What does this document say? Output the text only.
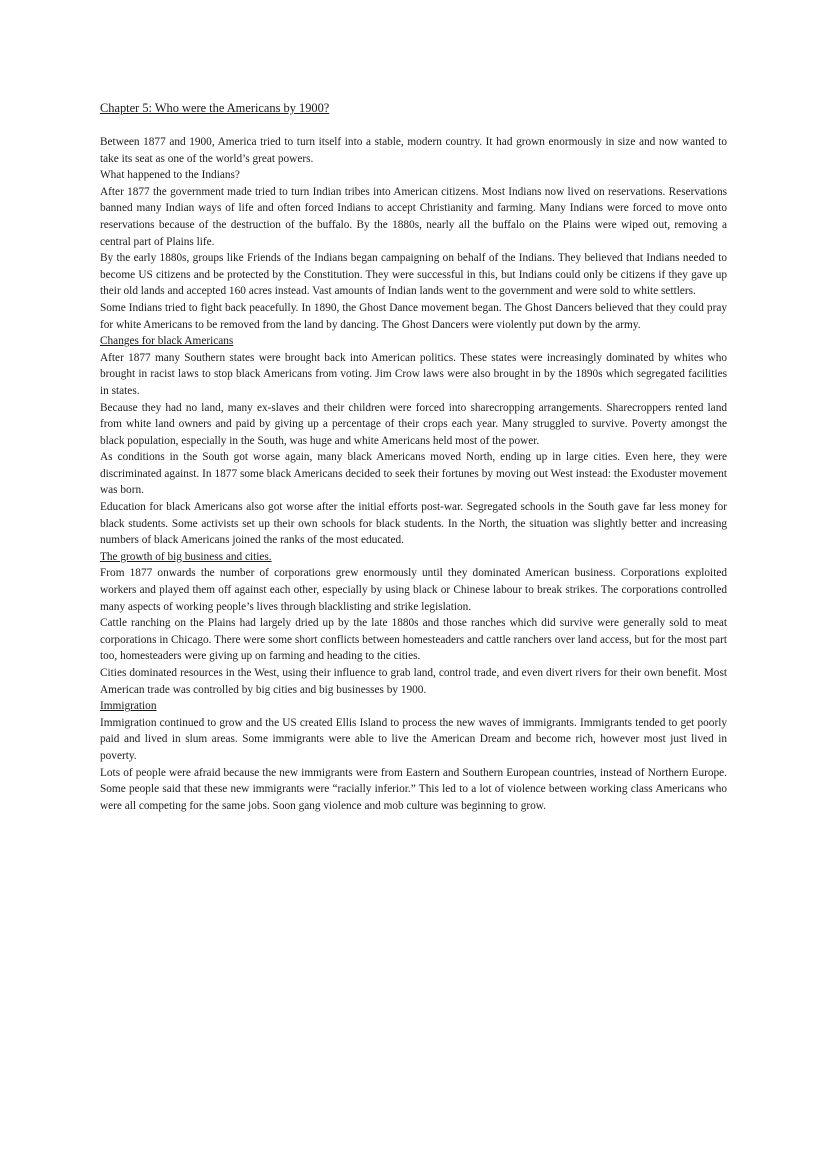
Chapter 5: Who were the Americans by 1900?

Between 1877 and 1900, America tried to turn itself into a stable, modern country. It had grown enormously in size and now wanted to take its seat as one of the world’s great powers.

What happened to the Indians?

After 1877 the government made tried to turn Indian tribes into American citizens. Most Indians now lived on reservations. Reservations banned many Indian ways of life and often forced Indians to accept Christianity and farming. Many Indians were forced to move onto reservations because of the destruction of the buffalo. By the 1880s, nearly all the buffalo on the Plains were wiped out, removing a central part of Plains life.

By the early 1880s, groups like Friends of the Indians began campaigning on behalf of the Indians. They believed that Indians needed to become US citizens and be protected by the Constitution. They were successful in this, but Indians could only be citizens if they gave up their old lands and accepted 160 acres instead. Vast amounts of Indian lands went to the government and were sold to white settlers.

Some Indians tried to fight back peacefully. In 1890, the Ghost Dance movement began. The Ghost Dancers believed that they could pray for white Americans to be removed from the land by dancing. The Ghost Dancers were violently put down by the army.

Changes for black Americans

After 1877 many Southern states were brought back into American politics. These states were increasingly dominated by whites who brought in racist laws to stop black Americans from voting. Jim Crow laws were also brought in by the 1890s which segregated facilities in states.

Because they had no land, many ex-slaves and their children were forced into sharecropping arrangements. Sharecroppers rented land from white land owners and paid by giving up a percentage of their crops each year. Many struggled to survive. Poverty amongst the black population, especially in the South, was huge and white Americans held most of the power.

As conditions in the South got worse again, many black Americans moved North, ending up in large cities. Even here, they were discriminated against. In 1877 some black Americans decided to seek their fortunes by moving out West instead: the Exoduster movement was born.

Education for black Americans also got worse after the initial efforts post-war. Segregated schools in the South gave far less money for black students. Some activists set up their own schools for black students. In the North, the situation was slightly better and increasing numbers of black Americans joined the ranks of the most educated.

The growth of big business and cities.

From 1877 onwards the number of corporations grew enormously until they dominated American business. Corporations exploited workers and played them off against each other, especially by using black or Chinese labour to break strikes. The corporations controlled many aspects of working people’s lives through blacklisting and strike legislation.

Cattle ranching on the Plains had largely dried up by the late 1880s and those ranches which did survive were generally sold to meat corporations in Chicago. There were some short conflicts between homesteaders and cattle ranchers over land access, but for the most part too, homesteaders were giving up on farming and heading to the cities.

Cities dominated resources in the West, using their influence to grab land, control trade, and even divert rivers for their own benefit. Most American trade was controlled by big cities and big businesses by 1900.

Immigration

Immigration continued to grow and the US created Ellis Island to process the new waves of immigrants. Immigrants tended to get poorly paid and lived in slum areas. Some immigrants were able to live the American Dream and become rich, however most just lived in poverty.

Lots of people were afraid because the new immigrants were from Eastern and Southern European countries, instead of Northern Europe. Some people said that these new immigrants were “racially inferior.” This led to a lot of violence between working class Americans who were all competing for the same jobs. Soon gang violence and mob culture was beginning to grow.
